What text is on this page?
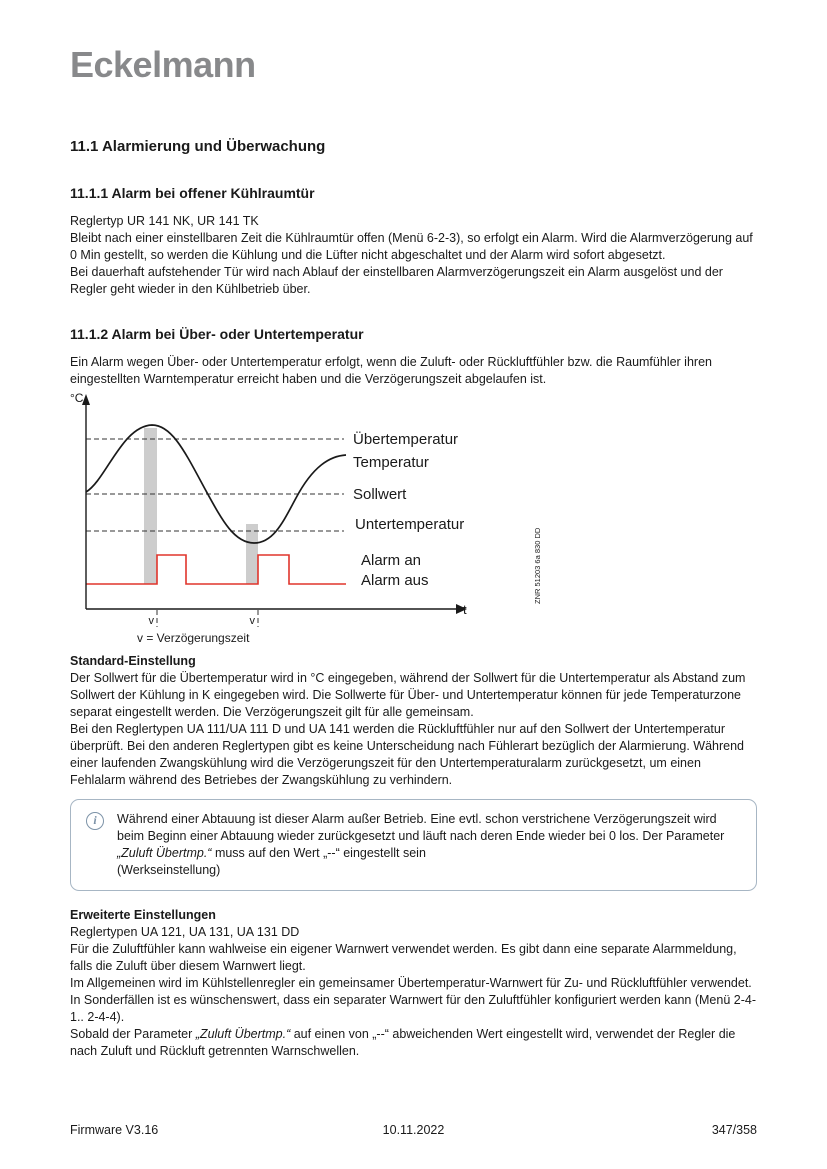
Eckelmann
11.1 Alarmierung und Überwachung
11.1.1 Alarm bei offener Kühlraumtür

Reglertyp UR 141 NK, UR 141 TK

Bleibt nach einer einstellbaren Zeit die Kühlraumtür offen (Menü 6-2-3), so erfolgt ein Alarm. Wird die Alarmverzögerung auf 0 Min gestellt, so werden die Kühlung und die Lüfter nicht abgeschaltet und der Alarm wird sofort abgesetzt.

Bei dauerhaft aufstehender Tür wird nach Ablauf der einstellbaren Alarmverzögerungszeit ein Alarm ausgelöst und der Regler geht wieder in den Kühlbetrieb über.

11.1.2 Alarm bei Über- oder Untertemperatur

Ein Alarm wegen Über- oder Untertemperatur erfolgt, wenn die Zuluft- oder Rückluftfühler bzw. die Raumfühler ihren eingestellten Warntemperatur erreicht haben und die Verzögerungszeit abgelaufen ist.

v	v
v = Verzögerungszeit
°C
t
Übertemperatur
Temperatur
Sollwert
Untertemperatur
Alarm an
Alarm aus	ZNR 51203 6a 830 DD
Standard-Einstellung

Der Sollwert für die Übertemperatur wird in °C eingegeben, während der Sollwert für die Untertemperatur als Abstand zum Sollwert der Kühlung in K eingegeben wird. Die Sollwerte für Über- und Untertemperatur können für jede Temperaturzone separat eingestellt werden. Die Verzögerungszeit gilt für alle gemeinsam.

Bei den Reglertypen UA 111/UA 111 D und UA 141 werden die Rückluftfühler nur auf den Sollwert der Untertemperatur überprüft. Bei den anderen Reglertypen gibt es keine Unterscheidung nach Fühlerart bezüglich der Alarmierung. Während einer laufenden Zwangskühlung wird die Verzögerungszeit für den Untertemperaturalarm zurückgesetzt, um einen Fehlalarm während des Betriebes der Zwangskühlung zu verhindern.

i	Während einer Abtauung ist dieser Alarm außer Betrieb. Eine evtl. schon verstrichene Verzögerungszeit wird beim Beginn einer Abtauung wieder zurückgesetzt und läuft nach deren Ende wieder bei 0 los. Der Parameter „Zuluft Übertmp.“ muss auf den Wert „--“ eingestellt sein
(Werkseinstellung)

Erweiterte Einstellungen

Reglertypen UA 121, UA 131, UA 131 DD

Für die Zuluftfühler kann wahlweise ein eigener Warnwert verwendet werden. Es gibt dann eine separate Alarmmeldung, falls die Zuluft über diesem Warnwert liegt.

Im Allgemeinen wird im Kühlstellenregler ein gemeinsamer Übertemperatur-Warnwert für Zu- und Rückluftfühler verwendet. In Sonderfällen ist es wünschenswert, dass ein separater Warnwert für den Zuluftfühler konfiguriert werden kann (Menü 2-4-1.. 2-4-4).

Sobald der Parameter „Zuluft Übertmp.“ auf einen von „--“ abweichenden Wert eingestellt wird, verwendet der Regler die nach Zuluft und Rückluft getrennten Warnschwellen.

Firmware V3.16	10.11.2022	347/358
